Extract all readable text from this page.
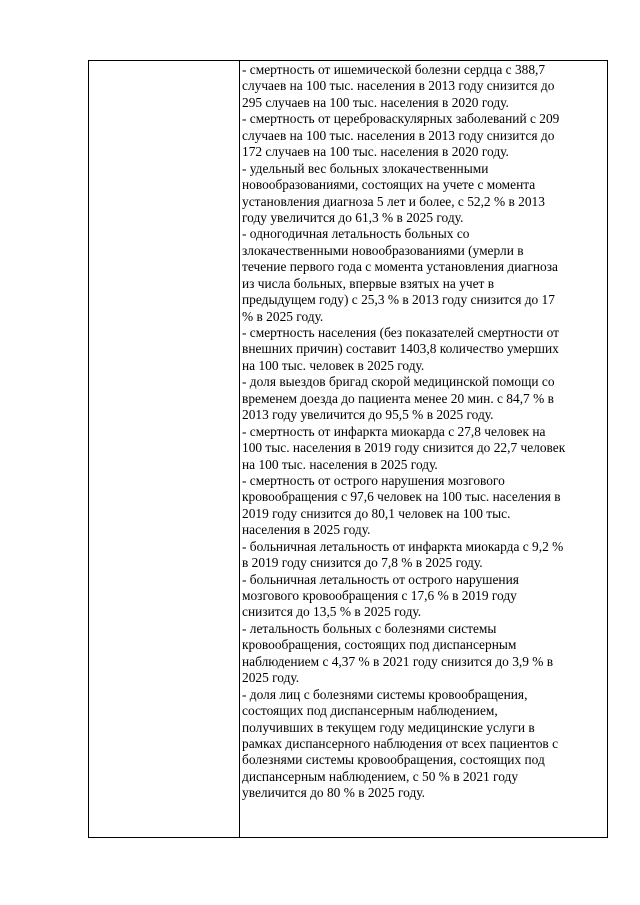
- смертность от ишемической болезни сердца с 388,7
случаев на 100 тыс. населения в 2013 году снизится до
295 случаев на 100 тыс. населения в 2020 году.
- смертность от цереброваскулярных заболеваний с 209
случаев на 100 тыс. населения в 2013 году снизится до
172 случаев на 100 тыс. населения в 2020 году.
- удельный вес больных злокачественными
новообразованиями, состоящих на учете с момента
установления диагноза 5 лет и более, с 52,2 % в 2013
году увеличится до 61,3 % в 2025 году.
- одногодичная летальность больных со
злокачественными новообразованиями (умерли в
течение первого года с момента установления диагноза
из числа больных, впервые взятых на учет в
предыдущем году) с 25,3 % в 2013 году снизится до 17
% в 2025 году.
- смертность населения (без показателей смертности от
внешних причин) составит 1403,8 количество умерших
на 100 тыс. человек в 2025 году.
- доля выездов бригад скорой медицинской помощи со
временем доезда до пациента менее 20 мин. с 84,7 % в
2013 году увеличится до 95,5 % в 2025 году.
- смертность от инфаркта миокарда с 27,8 человек на
100 тыс. населения в 2019 году снизится до 22,7 человек
на 100 тыс. населения в 2025 году.
- смертность от острого нарушения мозгового
кровообращения с 97,6 человек на 100 тыс. населения в
2019 году снизится до 80,1 человек на 100 тыс.
населения в 2025 году.
- больничная летальность от инфаркта миокарда с 9,2 %
в 2019 году снизится до 7,8 % в 2025 году.
- больничная летальность от острого нарушения
мозгового кровообращения с 17,6 % в 2019 году
снизится до 13,5 % в 2025 году.
- летальность больных с болезнями системы
кровообращения, состоящих под диспансерным
наблюдением с 4,37 % в 2021 году снизится до 3,9 % в
2025 году.
- доля лиц с болезнями системы кровообращения,
состоящих под диспансерным наблюдением,
получивших в текущем году медицинские услуги в
рамках диспансерного наблюдения от всех пациентов с
болезнями системы кровообращения, состоящих под
диспансерным наблюдением, с 50 % в 2021 году
увеличится до 80 % в 2025 году.
